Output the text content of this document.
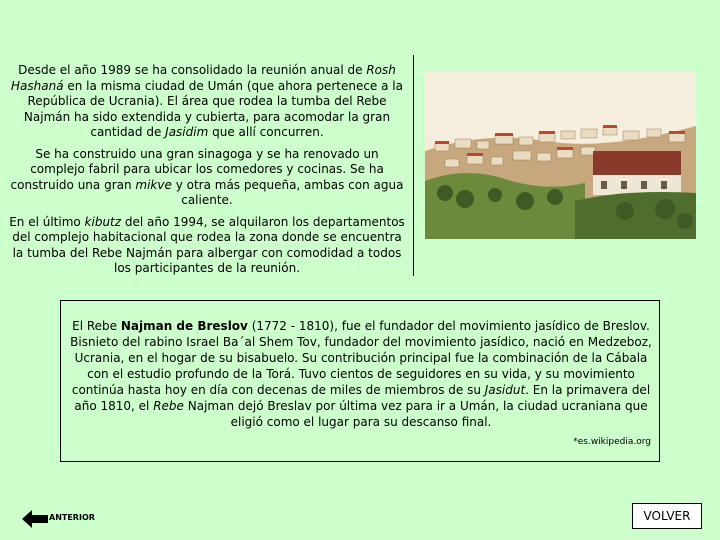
Desde el año 1989 se ha consolidado la reunión anual de Rosh Hashaná en la misma ciudad de Umán (que ahora pertenece a la República de Ucrania). El área que rodea la tumba del Rebe Najmán ha sido extendida y cubierta, para acomodar la gran cantidad de Jasidim que allí concurren.

Se ha construido una gran sinagoga y se ha renovado un complejo fabril para ubicar los comedores y cocinas. Se ha construido una gran mikve y otra más pequeña, ambas con agua caliente.

En el último kibutz del año 1994, se alquilaron los departamentos del complejo habitacional que rodea la zona donde se encuentra la tumba del Rebe Najmán para albergar con comodidad a todos los participantes de la reunión.

El Rebe Najman de Breslov (1772 - 1810), fue el fundador del movimiento jasídico de Breslov. Bisnieto del rabino Israel Ba´al Shem Tov, fundador del movimiento jasídico, nació en Medzeboz, Ucrania, en el hogar de su bisabuelo. Su contribución principal fue la combinación de la Cábala con el estudio profundo de la Torá. Tuvo cientos de seguidores en su vida, y su movimiento continúa hasta hoy en día con decenas de miles de miembros de su Jasidut. En la primavera del año 1810, el Rebe Najman dejó Breslav por última vez para ir a Umán, la ciudad ucraniana que eligió como el lugar para su descanso final.

*es.wikipedia.org
ANTERIOR	VOLVER
